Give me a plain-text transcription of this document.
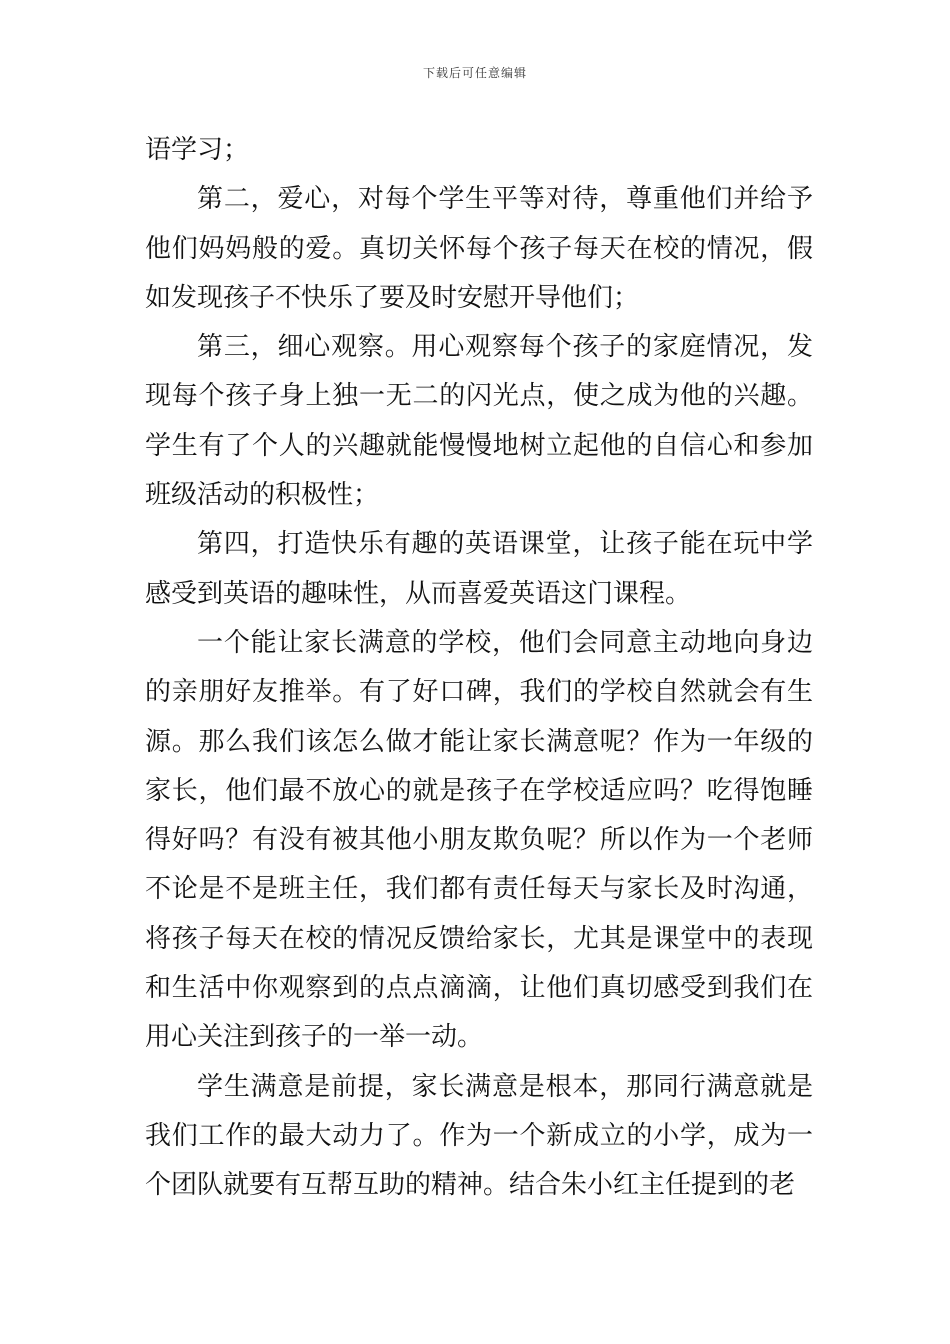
下载后可任意编辑

语学习；

第二，爱心，对每个学生平等对待，尊重他们并给予他们妈妈般的爱。真切关怀每个孩子每天在校的情况，假如发现孩子不快乐了要及时安慰开导他们；

第三，细心观察。用心观察每个孩子的家庭情况，发现每个孩子身上独一无二的闪光点，使之成为他的兴趣。学生有了个人的兴趣就能慢慢地树立起他的自信心和参加班级活动的积极性；

第四，打造快乐有趣的英语课堂，让孩子能在玩中学感受到英语的趣味性，从而喜爱英语这门课程。

一个能让家长满意的学校，他们会同意主动地向身边的亲朋好友推举。有了好口碑，我们的学校自然就会有生源。那么我们该怎么做才能让家长满意呢？作为一年级的家长，他们最不放心的就是孩子在学校适应吗？吃得饱睡得好吗？有没有被其他小朋友欺负呢？所以作为一个老师不论是不是班主任，我们都有责任每天与家长及时沟通，将孩子每天在校的情况反馈给家长，尤其是课堂中的表现和生活中你观察到的点点滴滴，让他们真切感受到我们在用心关注到孩子的一举一动。

学生满意是前提，家长满意是根本，那同行满意就是我们工作的最大动力了。作为一个新成立的小学，成为一个团队就要有互帮互助的精神。结合朱小红主任提到的老
